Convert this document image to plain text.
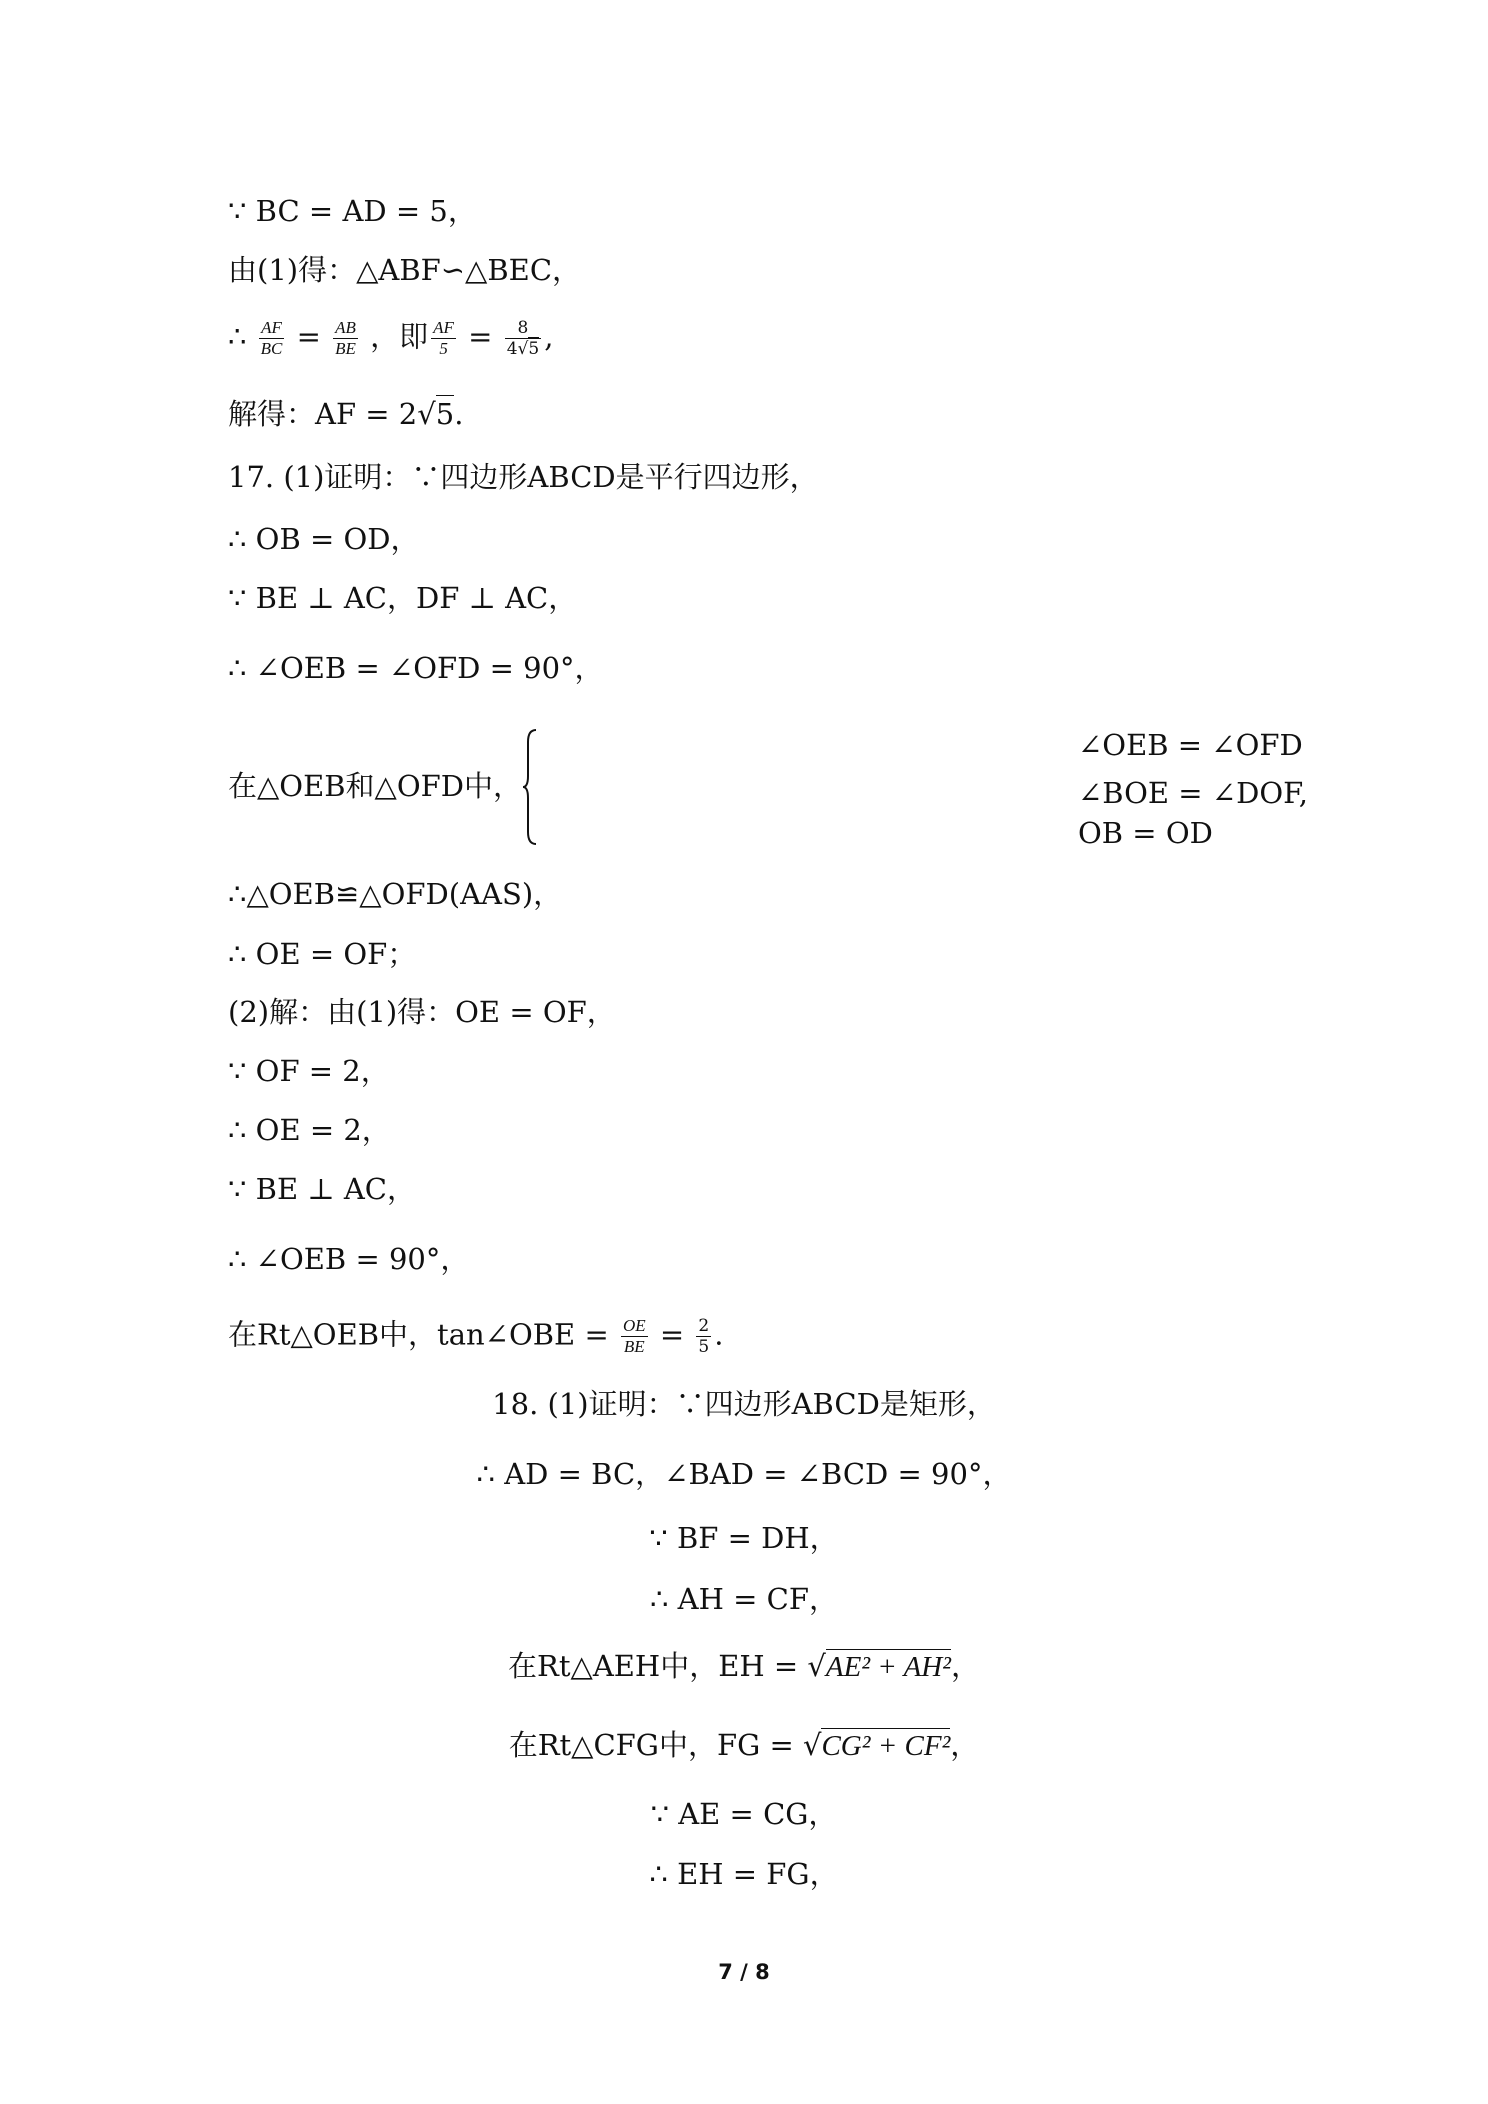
∵ BC = AD = 5，
由(1)得：△ABF∽△BEC，
∴ $\frac{AF}{BC} = \frac{AB}{BE}$ ，即 $\frac{AF}{5} = \frac{8}{4√5}$ ,
解得：AF = 2√5.
17. (1)证明：∵四边形ABCD是平行四边形，
∴ OB = OD，
∵ BE ⊥ AC，DF ⊥ AC，
∴ ∠OEB = ∠OFD = 90°，
在△OEB和△OFD中，
∠OEB = ∠OFD
∠BOE = ∠DOF,
OB = OD
∴△OEB≌△OFD(AAS)，
∴ OE = OF；
(2)解：由(1)得：OE = OF，
∵ OF = 2，
∴ OE = 2，
∵ BE ⊥ AC，
∴ ∠OEB = 90°，
在Rt△OEB中，tan∠OBE = $\frac{OE}{BE} = \frac{2}{5}$ .
18. (1)证明：∵四边形ABCD是矩形，
∴ AD = BC，∠BAD = ∠BCD = 90°，
∵ BF = DH，
∴ AH = CF，
在Rt△AEH中，EH = √AE² + AH²，
在Rt△CFG中，FG = √CG² + CF²，
∵ AE = CG，
∴ EH = FG，
7 / 8
